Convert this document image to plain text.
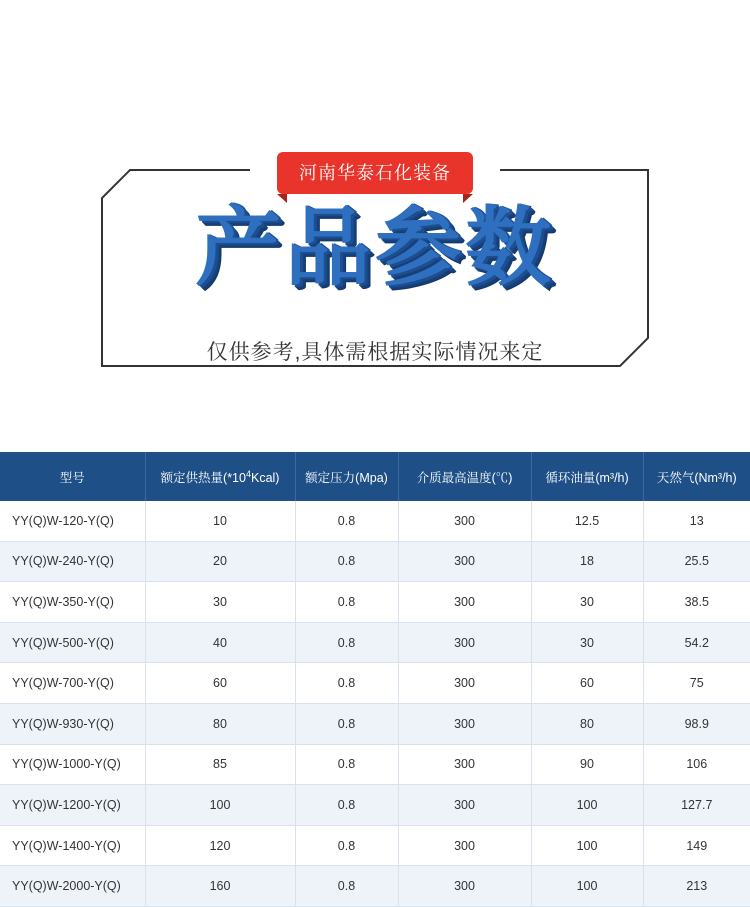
河南华泰石化装备
产品参数
仅供参考,具体需根据实际情况来定
型号	额定供热量$(*10^4Kcal)$	额定压力(Mpa)	介质最高温度(℃)	循环油量(m³/h)	天然气(Nm³/h)
YY(Q)W-120-Y(Q)	10	0.8	300	12.5	13
YY(Q)W-240-Y(Q)	20	0.8	300	18	25.5
YY(Q)W-350-Y(Q)	30	0.8	300	30	38.5
YY(Q)W-500-Y(Q)	40	0.8	300	30	54.2
YY(Q)W-700-Y(Q)	60	0.8	300	60	75
YY(Q)W-930-Y(Q)	80	0.8	300	80	98.9
YY(Q)W-1000-Y(Q)	85	0.8	300	90	106
YY(Q)W-1200-Y(Q)	100	0.8	300	100	127.7
YY(Q)W-1400-Y(Q)	120	0.8	300	100	149
YY(Q)W-2000-Y(Q)	160	0.8	300	100	213
